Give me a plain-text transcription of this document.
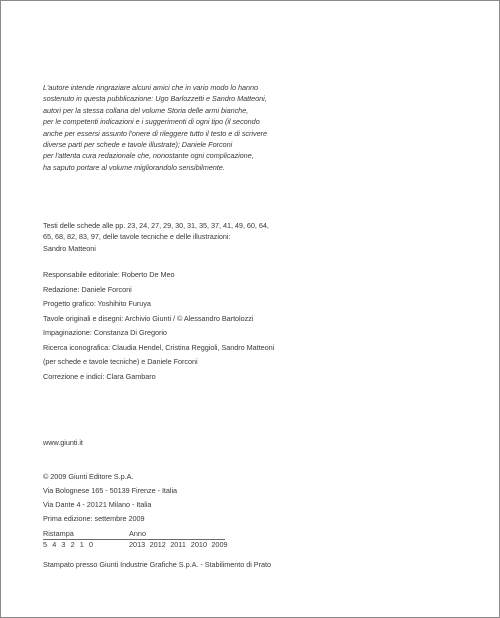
L'autore intende ringraziare alcuni amici che in vario modo lo hanno
sostenuto in questa pubblicazione: Ugo Barlozzetti e Sandro Matteoni,
autori per la stessa collana del volume Storia delle armi bianche,
per le competenti indicazioni e i suggerimenti di ogni tipo (il secondo
anche per essersi assunto l'onere di rileggere tutto il testo e di scrivere
diverse parti per schede e tavole illustrate); Daniele Forconi
per l'attenta cura redazionale che, nonostante ogni complicazione,
ha saputo portare al volume migliorandolo sensibilmente.
Testi delle schede alle pp. 23, 24, 27, 29, 30, 31, 35, 37, 41, 49, 60, 64,
65, 68, 82, 83, 97, delle tavole tecniche e delle illustrazioni:
Sandro Matteoni
Responsabile editoriale: Roberto De Meo
Redazione: Daniele Forconi
Progetto grafico: Yoshihito Furuya
Tavole originali e disegni: Archivio Giunti / © Alessandro Bartolozzi
Impaginazione: Constanza Di Gregorio
Ricerca iconografica: Claudia Hendel, Cristina Reggioli, Sandro Matteoni
(per schede e tavole tecniche) e Daniele Forconi
Correzione e indici: Clara Gambaro
www.giunti.it
© 2009 Giunti Editore S.p.A.
Via Bolognese 165 - 50139 Firenze - Italia
Via Dante 4 - 20121 Milano - Italia
Prima edizione: settembre 2009
Ristampa	Anno
5 4 3 2 1 0	2013 2012 2011 2010 2009
Stampato presso Giunti Industrie Grafiche S.p.A. - Stabilimento di Prato
